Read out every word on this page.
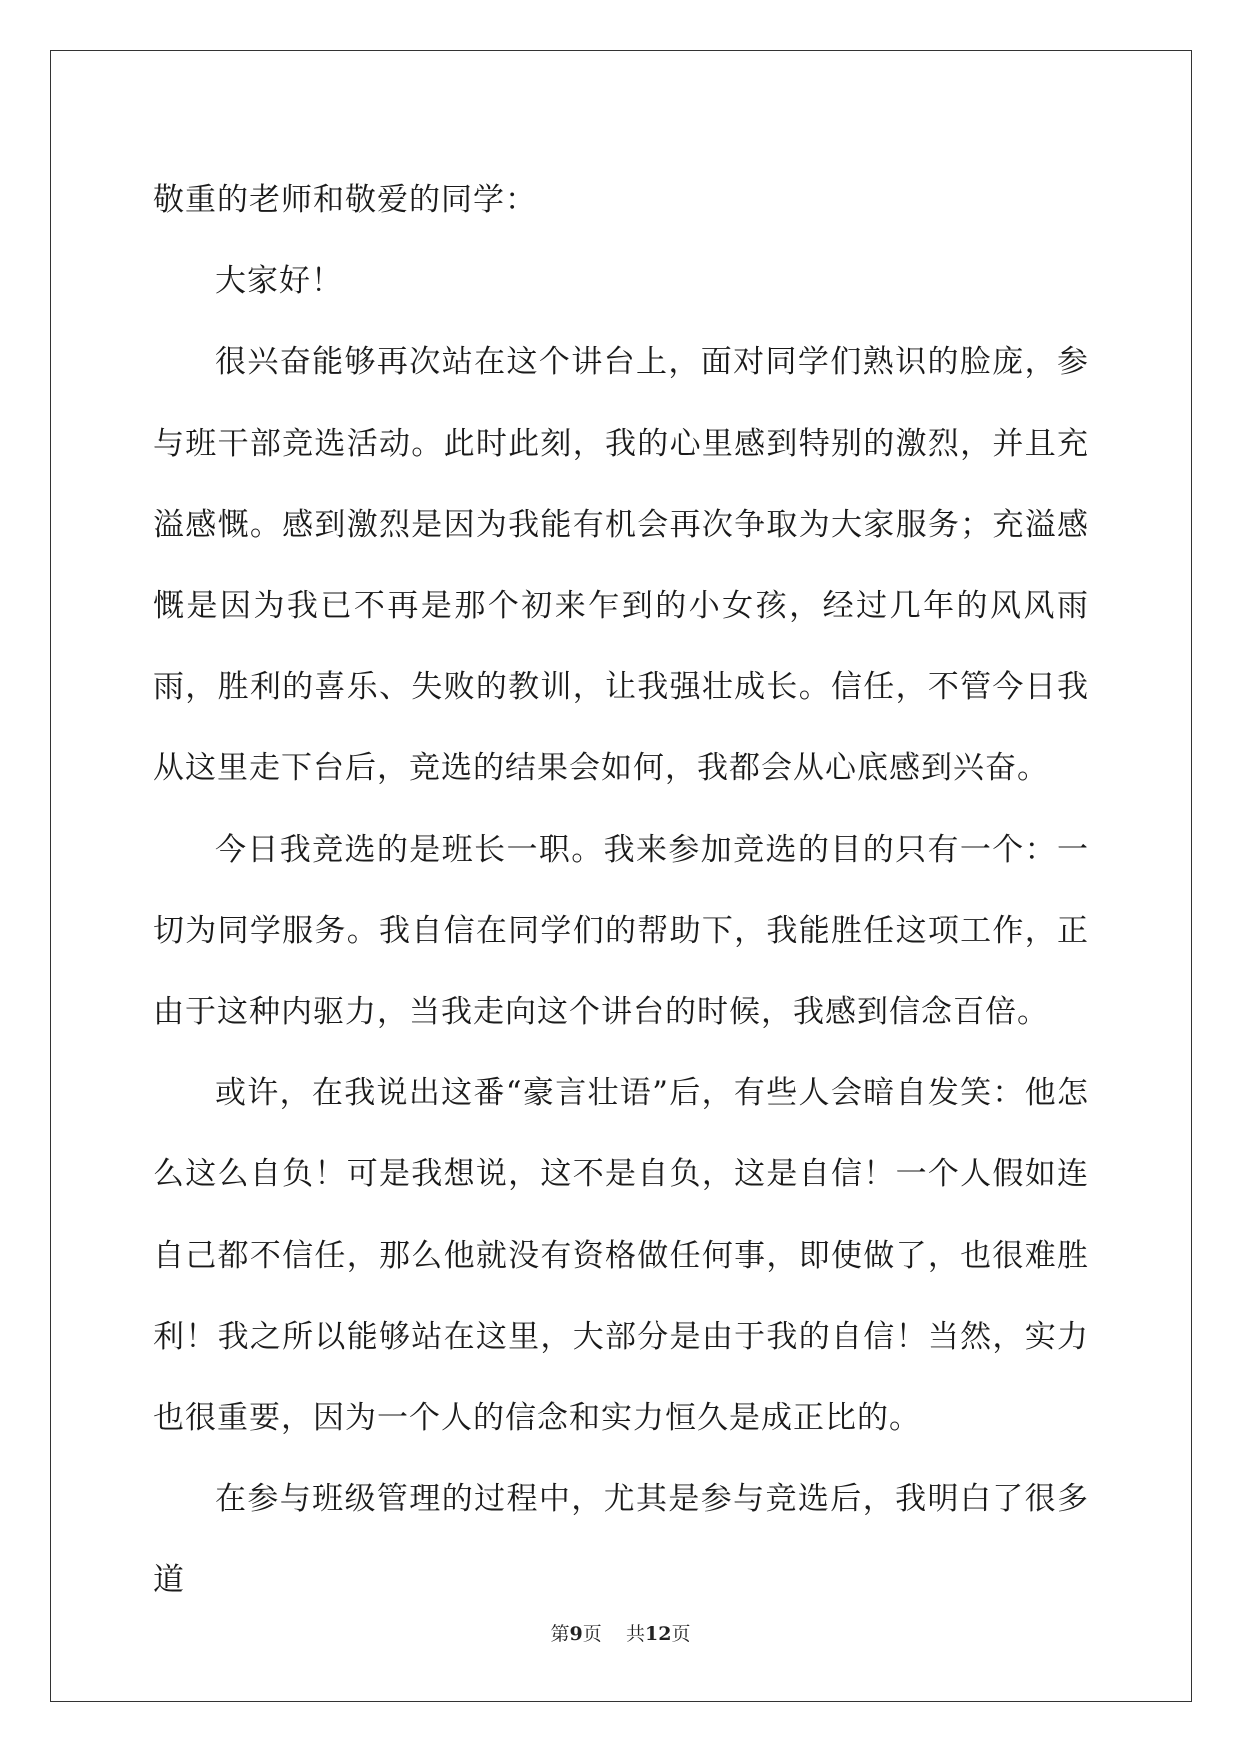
敬重的老师和敬爱的同学：

大家好！

很兴奋能够再次站在这个讲台上，面对同学们熟识的脸庞，参与班干部竞选活动。此时此刻，我的心里感到特别的激烈，并且充溢感慨。感到激烈是因为我能有机会再次争取为大家服务；充溢感慨是因为我已不再是那个初来乍到的小女孩，经过几年的风风雨雨，胜利的喜乐、失败的教训，让我强壮成长。信任，不管今日我从这里走下台后，竞选的结果会如何，我都会从心底感到兴奋。

今日我竞选的是班长一职。我来参加竞选的目的只有一个：一切为同学服务。我自信在同学们的帮助下，我能胜任这项工作，正由于这种内驱力，当我走向这个讲台的时候，我感到信念百倍。

或许，在我说出这番“豪言壮语”后，有些人会暗自发笑：他怎么这么自负！可是我想说，这不是自负，这是自信！一个人假如连自己都不信任，那么他就没有资格做任何事，即使做了，也很难胜利！我之所以能够站在这里，大部分是由于我的自信！当然，实力也很重要，因为一个人的信念和实力恒久是成正比的。

在参与班级管理的过程中，尤其是参与竞选后，我明白了很多道

第9页 共12页
